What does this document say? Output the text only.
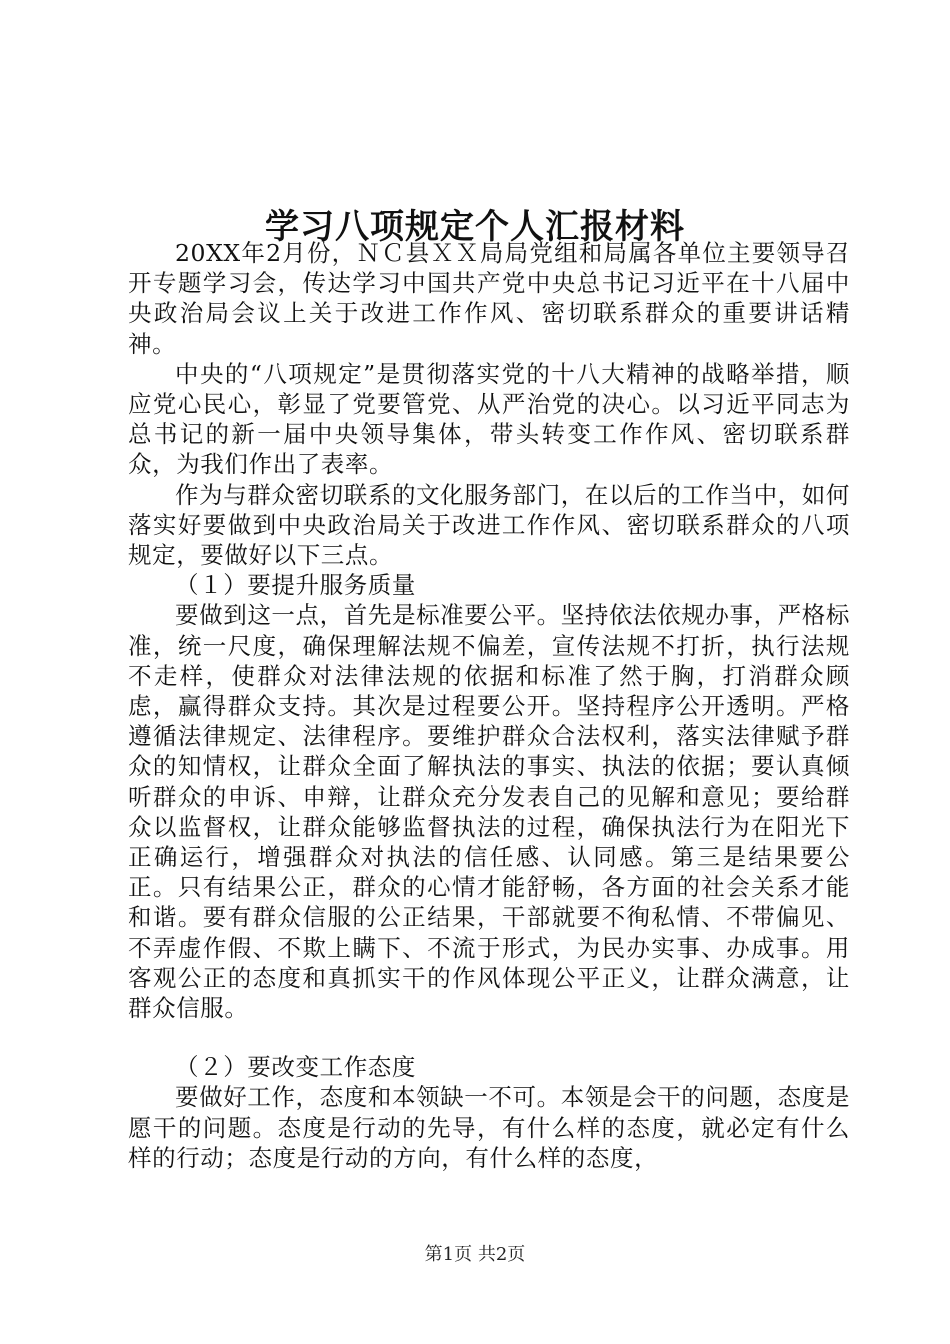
学习八项规定个人汇报材料

20XX年2月份，ＮＣ县ＸＸ局局党组和局属各单位主要领导召开专题学习会，传达学习中国共产党中央总书记习近平在十八届中央政治局会议上关于改进工作作风、密切联系群众的重要讲话精神。

中央的“八项规定”是贯彻落实党的十八大精神的战略举措，顺应党心民心，彰显了党要管党、从严治党的决心。以习近平同志为总书记的新一届中央领导集体，带头转变工作作风、密切联系群众，为我们作出了表率。

作为与群众密切联系的文化服务部门，在以后的工作当中，如何落实好要做到中央政治局关于改进工作作风、密切联系群众的八项规定，要做好以下三点。

（１）要提升服务质量

要做到这一点，首先是标准要公平。坚持依法依规办事，严格标准，统一尺度，确保理解法规不偏差，宣传法规不打折，执行法规不走样，使群众对法律法规的依据和标准了然于胸，打消群众顾虑，赢得群众支持。其次是过程要公开。坚持程序公开透明。严格遵循法律规定、法律程序。要维护群众合法权利，落实法律赋予群众的知情权，让群众全面了解执法的事实、执法的依据；要认真倾听群众的申诉、申辩，让群众充分发表自己的见解和意见；要给群众以监督权，让群众能够监督执法的过程，确保执法行为在阳光下正确运行，增强群众对执法的信任感、认同感。第三是结果要公正。只有结果公正，群众的心情才能舒畅，各方面的社会关系才能和谐。要有群众信服的公正结果，干部就要不徇私情、不带偏见、不弄虚作假、不欺上瞒下、不流于形式，为民办实事、办成事。用客观公正的态度和真抓实干的作风体现公平正义，让群众满意，让群众信服。

（２）要改变工作态度

要做好工作，态度和本领缺一不可。本领是会干的问题，态度是愿干的问题。态度是行动的先导，有什么样的态度，就必定有什么样的行动；态度是行动的方向，有什么样的态度，

第1页 共2页
